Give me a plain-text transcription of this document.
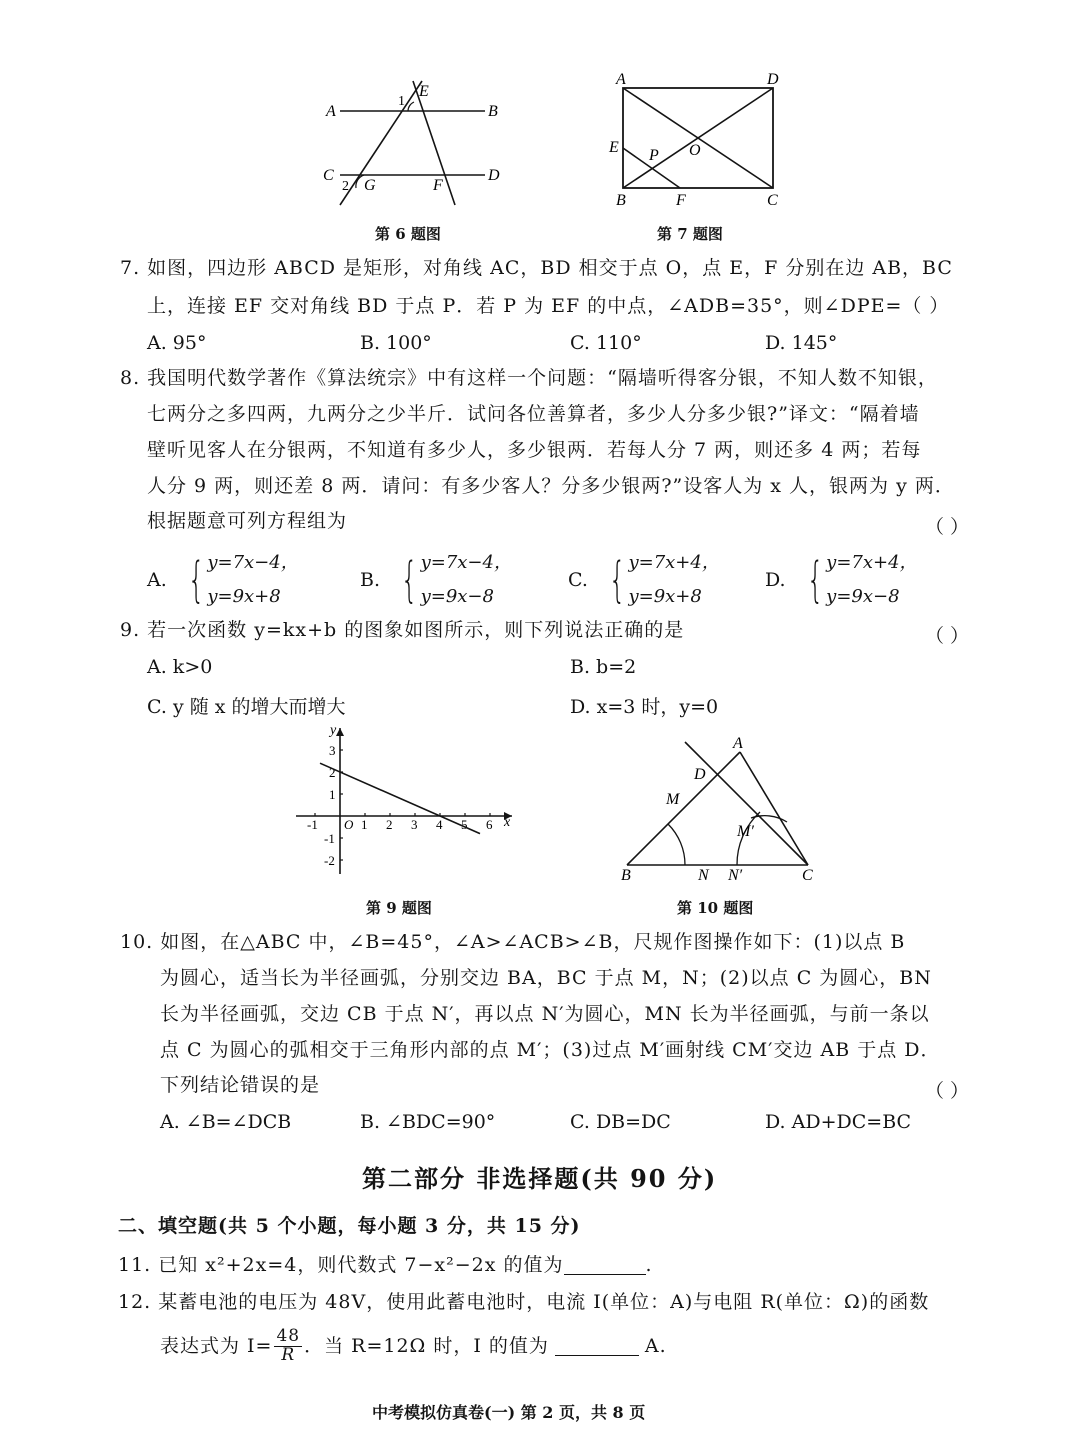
A	B
C	D
E
F
G
1
2
第 6 题图
A	D
B	C
E
F
O
P
第 7 题图
7. 如图，四边形 ABCD 是矩形，对角线 AC，BD 相交于点 O，点 E，F 分别在边 AB，BC
上，连接 EF 交对角线 BD 于点 P．若 P 为 EF 的中点，∠ADB=35°，则∠DPE=（ ）
A. 95°	B. 100°	C. 110°	D. 145°
8. 我国明代数学著作《算法统宗》中有这样一个问题：“隔墙听得客分银，不知人数不知银，
七两分之多四两，九两分之少半斤．试问各位善算者，多少人分多少银?”译文：“隔着墙
壁听见客人在分银两，不知道有多少人，多少银两．若每人分 7 两，则还多 4 两；若每
人分 9 两，则还差 8 两．请问：有多少客人？分多少银两?”设客人为 x 人，银两为 y 两．
根据题意可列方程组为	（ ）
A. { y=7x−4，
y=9x+8
B. { y=7x−4，
y=9x−8
C. { y=7x+4，
y=9x+8
D. { y=7x+4，
y=9x−8
9. 若一次函数 y=kx+b 的图象如图所示，则下列说法正确的是	（ ）
A. k>0	B. b=2
C. y 随 x 的增大而增大	D. x=3 时，y=0
x
y
O
-1	1 2 3 4 5 6
3
2
1
-1
-2
第 9 题图
A
B	C
D
M
M′
N N′
第 10 题图
10. 如图，在△ABC 中，∠B=45°，∠A>∠ACB>∠B，尺规作图操作如下：(1)以点 B
为圆心，适当长为半径画弧，分别交边 BA，BC 于点 M，N；(2)以点 C 为圆心，BN
长为半径画弧，交边 CB 于点 N′，再以点 N′为圆心，MN 长为半径画弧，与前一条以
点 C 为圆心的弧相交于三角形内部的点 M′；(3)过点 M′画射线 CM′交边 AB 于点 D．
下列结论错误的是	（ ）
A. ∠B=∠DCB	B. ∠BDC=90°	C. DB=DC	D. AD+DC=BC
第二部分 非选择题(共 90 分)
二、填空题(共 5 个小题，每小题 3 分，共 15 分)
11. 已知 x²+2x=4，则代数式 7−x²−2x 的值为	.
12. 某蓄电池的电压为 48V，使用此蓄电池时，电流 I(单位：A)与电阻 R(单位：Ω)的函数
表达式为 $I= \frac{48}{R}$ ．当 R=12Ω 时，I 的值为	A.
中考模拟仿真卷(一) 第 2 页，共 8 页
